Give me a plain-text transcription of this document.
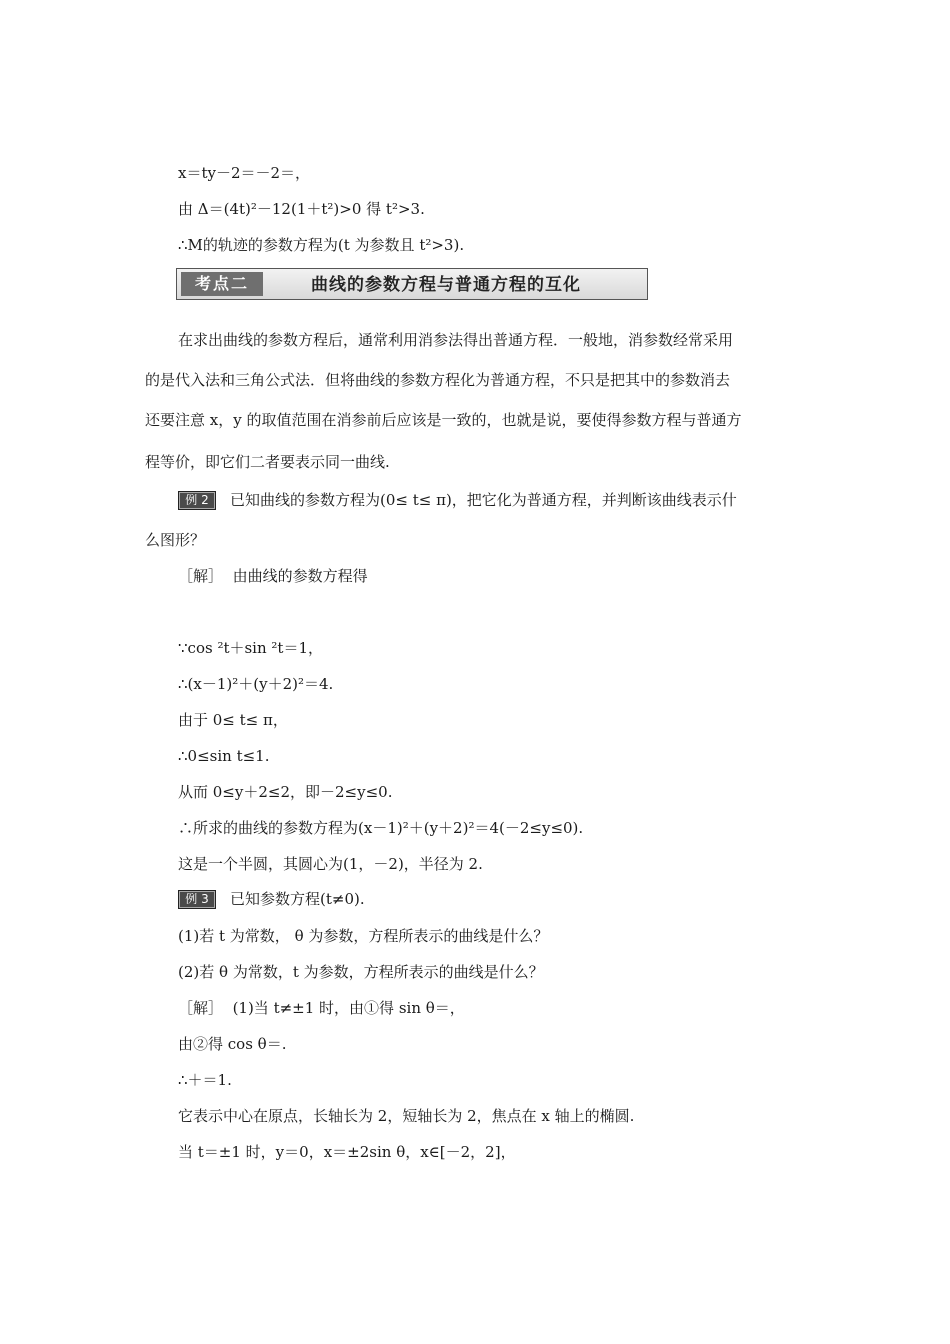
x＝ty－2＝－2＝，
由 Δ＝(4t)²－12(1＋t²)>0 得 t²>3.
∴M的轨迹的参数方程为(t 为参数且 t²>3).
考点二	曲线的参数方程与普通方程的互化
在求出曲线的参数方程后，通常利用消参法得出普通方程．一般地，消参数经常采用
的是代入法和三角公式法．但将曲线的参数方程化为普通方程，不只是把其中的参数消去
还要注意 x，y 的取值范围在消参前后应该是一致的，也就是说，要使得参数方程与普通方
程等价，即它们二者要表示同一曲线.
例 2 已知曲线的参数方程为(0≤ t≤ π)，把它化为普通方程，并判断该曲线表示什
么图形？
［解］ 由曲线的参数方程得
∵cos ²t＋sin ²t＝1，
∴(x－1)²＋(y＋2)²＝4.
由于 0≤ t≤ π，
∴0≤sin t≤1.
从而 0≤y＋2≤2，即－2≤y≤0.
∴所求的曲线的参数方程为(x－1)²＋(y＋2)²＝4(－2≤y≤0).
这是一个半圆，其圆心为(1，－2)，半径为 2.
例 3 已知参数方程(t≠0).
(1)若 t 为常数， θ 为参数，方程所表示的曲线是什么？
(2)若 θ 为常数，t 为参数，方程所表示的曲线是什么？
［解］ (1)当 t≠±1 时，由①得 sin θ＝，
由②得 cos θ＝.
∴＋＝1.
它表示中心在原点，长轴长为 2，短轴长为 2，焦点在 x 轴上的椭圆.
当 t＝±1 时，y＝0，x＝±2sin θ，x∈[－2，2]，
